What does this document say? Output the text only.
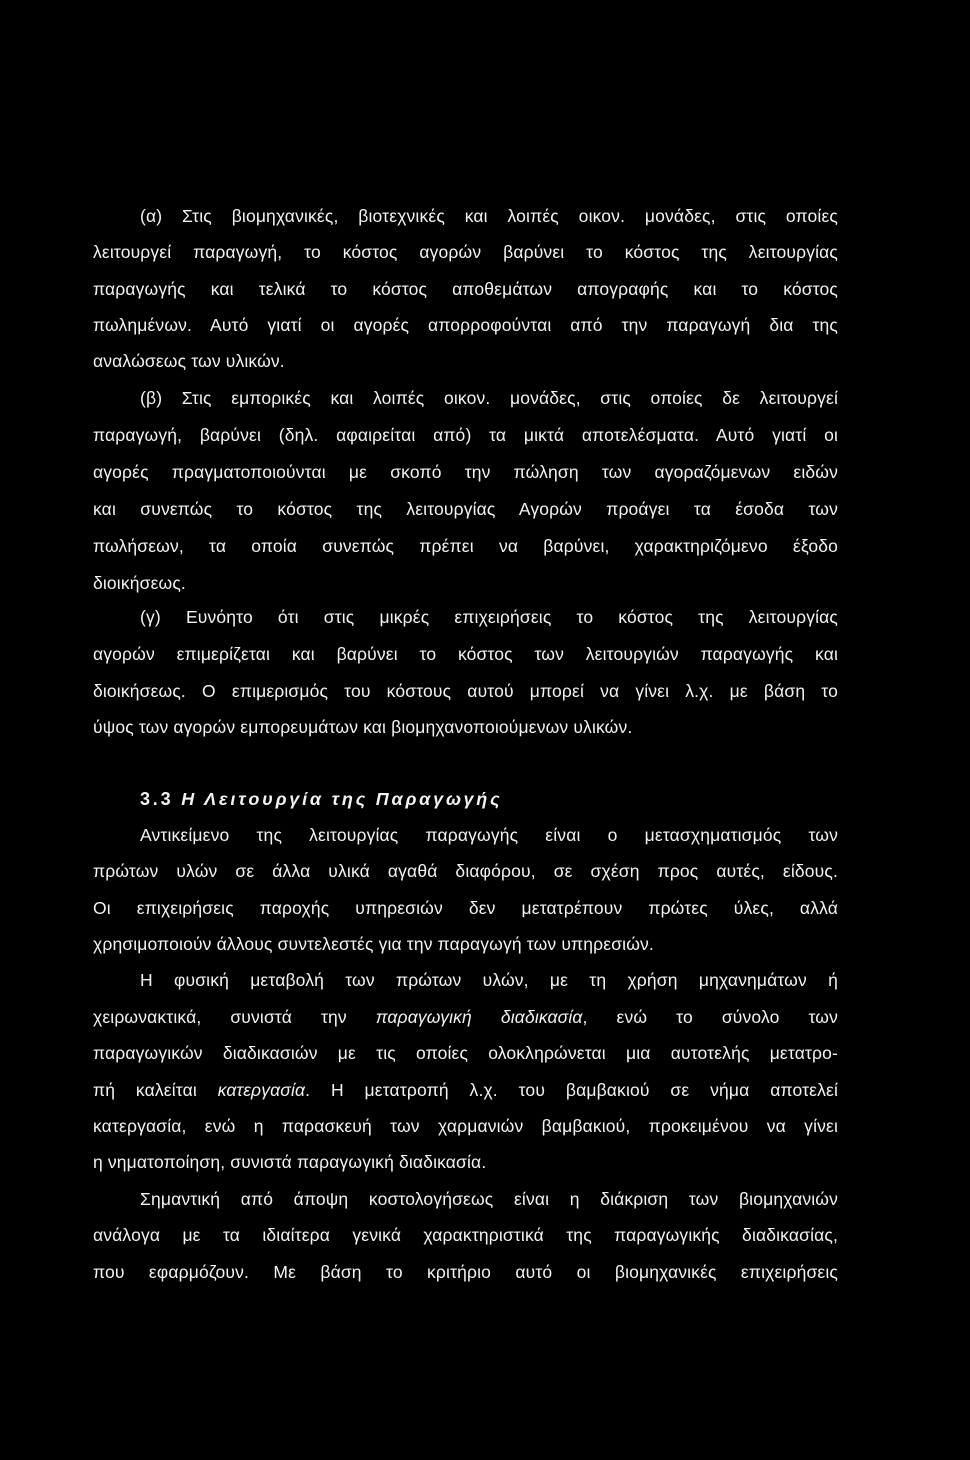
(α) Στις βιομηχανικές, βιοτεχνικές και λοιπές οικον. μονάδες, στις οποίες
λειτουργεί παραγωγή, το κόστος αγορών βαρύνει το κόστος της λειτουργίας
παραγωγής και τελικά το κόστος αποθεμάτων απογραφής και το κόστος
πωλημένων. Αυτό γιατί οι αγορές απορροφούνται από την παραγωγή δια της
αναλώσεως των υλικών.
(β) Στις εμπορικές και λοιπές οικον. μονάδες, στις οποίες δε λειτουργεί
παραγωγή, βαρύνει (δηλ. αφαιρείται από) τα μικτά αποτελέσματα. Αυτό γιατί οι
αγορές πραγματοποιούνται με σκοπό την πώληση των αγοραζόμενων ειδών
και συνεπώς το κόστος της λειτουργίας Αγορών προάγει τα έσοδα των
πωλήσεων, τα οποία συνεπώς πρέπει να βαρύνει, χαρακτηριζόμενο έξοδο
διοικήσεως.
(γ) Ευνόητο ότι στις μικρές επιχειρήσεις το κόστος της λειτουργίας
αγορών επιμερίζεται και βαρύνει το κόστος των λειτουργιών παραγωγής και
διοικήσεως. Ο επιμερισμός του κόστους αυτού μπορεί να γίνει λ.χ. με βάση το
ύψος των αγορών εμπορευμάτων και βιομηχανοποιούμενων υλικών.
3.3 Η Λειτουργία της Παραγωγής
Αντικείμενο της λειτουργίας παραγωγής είναι ο μετασχηματισμός των
πρώτων υλών σε άλλα υλικά αγαθά διαφόρου, σε σχέση προς αυτές, είδους.
Οι επιχειρήσεις παροχής υπηρεσιών δεν μετατρέπουν πρώτες ύλες, αλλά
χρησιμοποιούν άλλους συντελεστές για την παραγωγή των υπηρεσιών.
Η φυσική μεταβολή των πρώτων υλών, με τη χρήση μηχανημάτων ή
χειρωνακτικά, συνιστά την παραγωγική διαδικασία, ενώ το σύνολο των
παραγωγικών διαδικασιών με τις οποίες ολοκληρώνεται μια αυτοτελής μετατρο-
πή καλείται κατεργασία. Η μετατροπή λ.χ. του βαμβακιού σε νήμα αποτελεί
κατεργασία, ενώ η παρασκευή των χαρμανιών βαμβακιού, προκειμένου να γίνει
η νηματοποίηση, συνιστά παραγωγική διαδικασία.
Σημαντική από άποψη κοστολογήσεως είναι η διάκριση των βιομηχανιών
ανάλογα με τα ιδιαίτερα γενικά χαρακτηριστικά της παραγωγικής διαδικασίας,
που εφαρμόζουν. Με βάση το κριτήριο αυτό οι βιομηχανικές επιχειρήσεις
